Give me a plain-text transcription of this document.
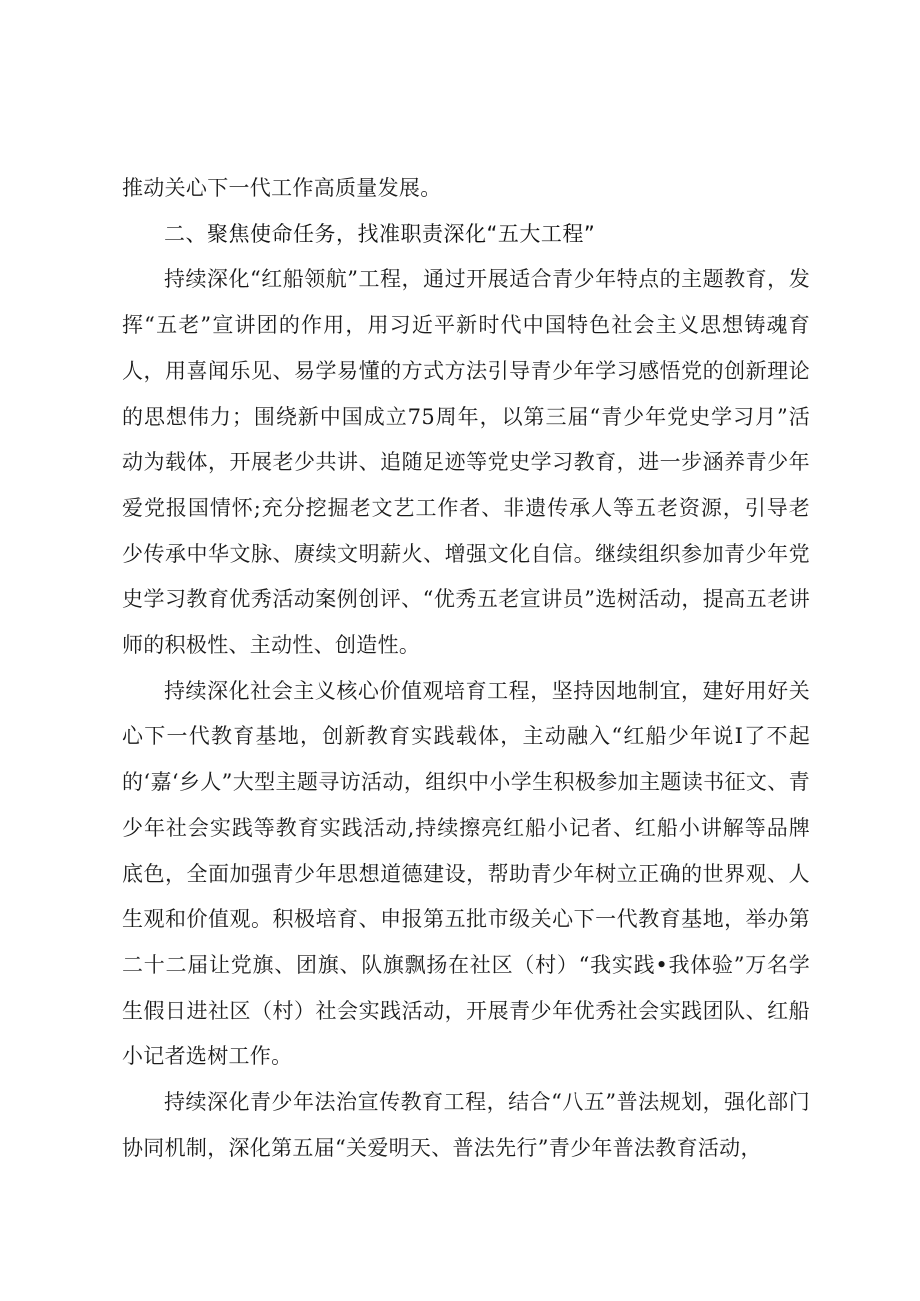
推动关心下一代工作高质量发展。

二、聚焦使命任务，找准职责深化“五大工程”

持续深化“红船领航”工程，通过开展适合青少年特点的主题教育，发挥“五老”宣讲团的作用，用习近平新时代中国特色社会主义思想铸魂育人，用喜闻乐见、易学易懂的方式方法引导青少年学习感悟党的创新理论的思想伟力；围绕新中国成立75周年，以第三届“青少年党史学习月”活动为载体，开展老少共讲、追随足迹等党史学习教育，进一步涵养青少年爱党报国情怀;充分挖掘老文艺工作者、非遗传承人等五老资源，引导老少传承中华文脉、赓续文明薪火、增强文化自信。继续组织参加青少年党史学习教育优秀活动案例创评、“优秀五老宣讲员”选树活动，提高五老讲师的积极性、主动性、创造性。

持续深化社会主义核心价值观培育工程，坚持因地制宜，建好用好关心下一代教育基地，创新教育实践载体，主动融入“红船少年说I了不起的‘嘉‘乡人”大型主题寻访活动，组织中小学生积极参加主题读书征文、青少年社会实践等教育实践活动,持续擦亮红船小记者、红船小讲解等品牌底色，全面加强青少年思想道德建设，帮助青少年树立正确的世界观、人生观和价值观。积极培育、申报第五批市级关心下一代教育基地，举办第二十二届让党旗、团旗、队旗飘扬在社区（村）“我实践•我体验”万名学生假日进社区（村）社会实践活动，开展青少年优秀社会实践团队、红船小记者选树工作。

持续深化青少年法治宣传教育工程，结合“八五”普法规划，强化部门协同机制，深化第五届“关爱明天、普法先行”青少年普法教育活动，
